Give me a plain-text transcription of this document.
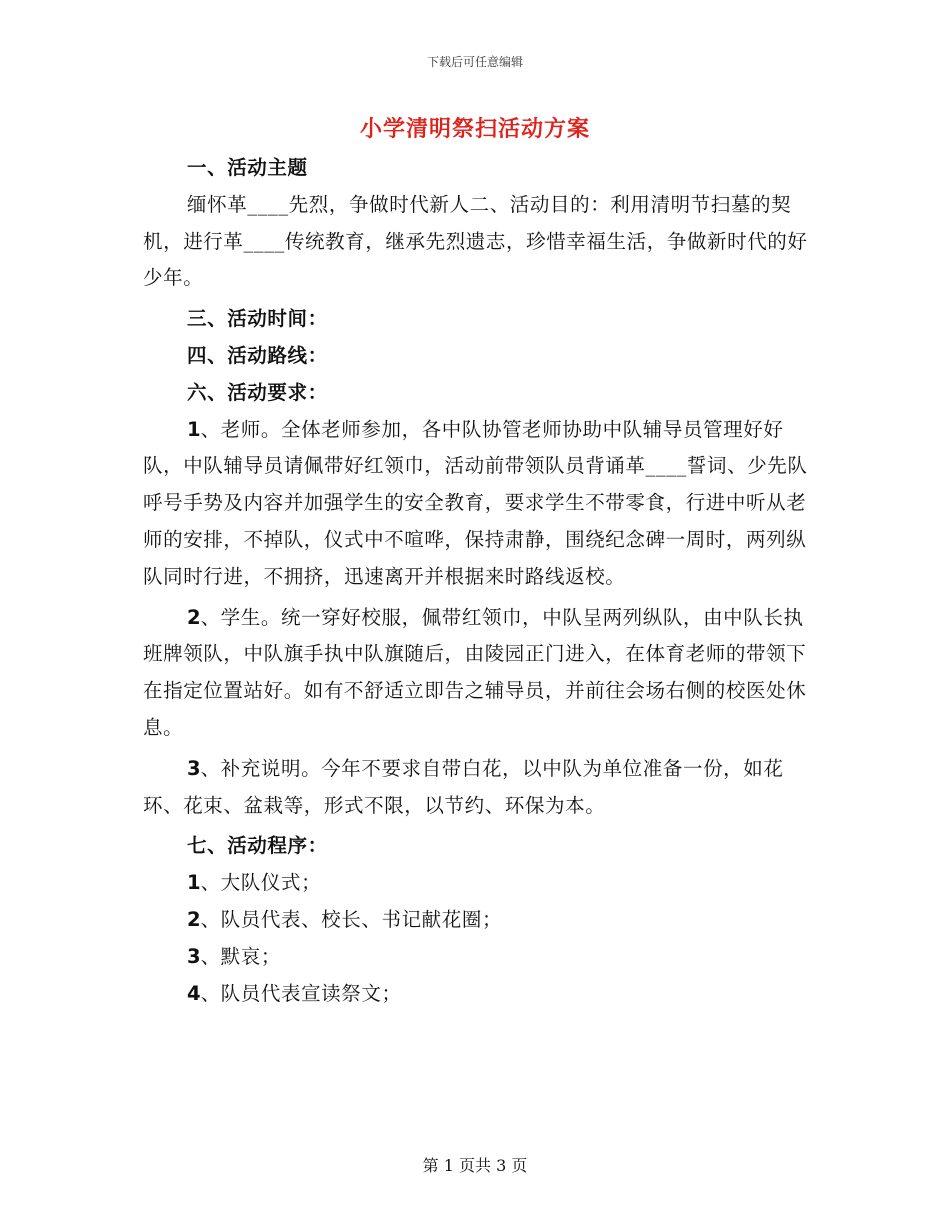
下载后可任意编辑
小学清明祭扫活动方案

一、活动主题

缅怀革____先烈，争做时代新人二、活动目的：利用清明节扫墓的契机，进行革____传统教育，继承先烈遗志，珍惜幸福生活，争做新时代的好少年。

三、活动时间：

四、活动路线：

六、活动要求：

1、老师。全体老师参加，各中队协管老师协助中队辅导员管理好好队，中队辅导员请佩带好红领巾，活动前带领队员背诵革____誓词、少先队呼号手势及内容并加强学生的安全教育，要求学生不带零食，行进中听从老师的安排，不掉队，仪式中不喧哗，保持肃静，围绕纪念碑一周时，两列纵队同时行进，不拥挤，迅速离开并根据来时路线返校。

2、学生。统一穿好校服，佩带红领巾，中队呈两列纵队，由中队长执班牌领队，中队旗手执中队旗随后，由陵园正门进入，在体育老师的带领下在指定位置站好。如有不舒适立即告之辅导员，并前往会场右侧的校医处休息。

3、补充说明。今年不要求自带白花，以中队为单位准备一份，如花环、花束、盆栽等，形式不限，以节约、环保为本。

七、活动程序：

1、大队仪式；

2、队员代表、校长、书记献花圈；

3、默哀；

4、队员代表宣读祭文；

第 1 页共 3 页
